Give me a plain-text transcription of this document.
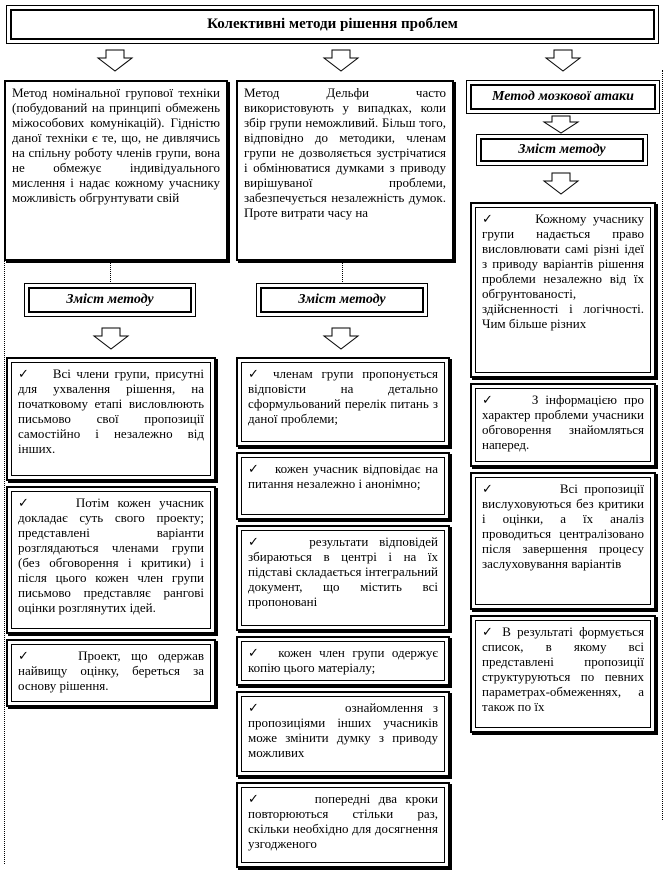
Колективні методи рішення проблем
Метод номінальної групової техніки (побудований на принципі обмежень міжособових комунікацій). Гідністю даної техніки є те, що, не дивлячись на спільну роботу членів групи, вона не обмежує індивідуального мислення і надає кожному учаснику можливість обгрунтувати свій
Метод Дельфи часто використовують у випадках, коли збір групи неможливий. Більш того, відповідно до методики, членам групи не дозволяється зустрічатися і обмінюватися думками з приводу вирішуваної проблеми, забезпечується незалежність думок. Проте витрати часу на
Метод мозкової атаки
Зміст методу
Зміст методу	Зміст методу
✓ Всі члени групи, присутні для ухвалення рішення, на початковому етапі висловлюють письмово свої пропозиції самостійно і незалежно від інших.
✓	Потім кожен учасник докладає суть свого проекту; представлені варіанти розглядаються членами групи (без обговорення і критики) і після цього кожен член групи письмово представляє рангові оцінки розглянутих ідей.
✓	Проект, що одержав найвищу оцінку, береться за основу рішення.
✓ членам групи пропонується відповісти на детально сформульований перелік питань з даної проблеми;
✓ кожен учасник відповідає на питання незалежно і анонімно;
✓	результати відповідей збираються в центрі і на їх підставі складається інтегральний документ, що містить всі пропоновані
✓ кожен член групи одержує копію цього матеріалу;
✓	ознайомлення з пропозиціями інших учасників може змінити думку з приводу можливих
✓	попередні два кроки повторюються стільки раз, скільки необхідно для досягнення узгодженого
✓	Кожному учаснику групи надається право висловлювати самі різні ідеї з приводу варіантів рішення проблеми незалежно від їх обгрунтованості, здійсненності і логічності. Чим більше різних
✓	З інформацією про характер проблеми учасники обговорення знайомляться наперед.
✓	Всі пропозиції вислуховуються без критики і оцінки, а їх аналіз проводиться централізовано після завершення процесу заслуховування варіантів
✓ В результаті формується список, в якому всі представлені пропозиції структуруються по певних параметрах-обмеженнях, а також по їх
